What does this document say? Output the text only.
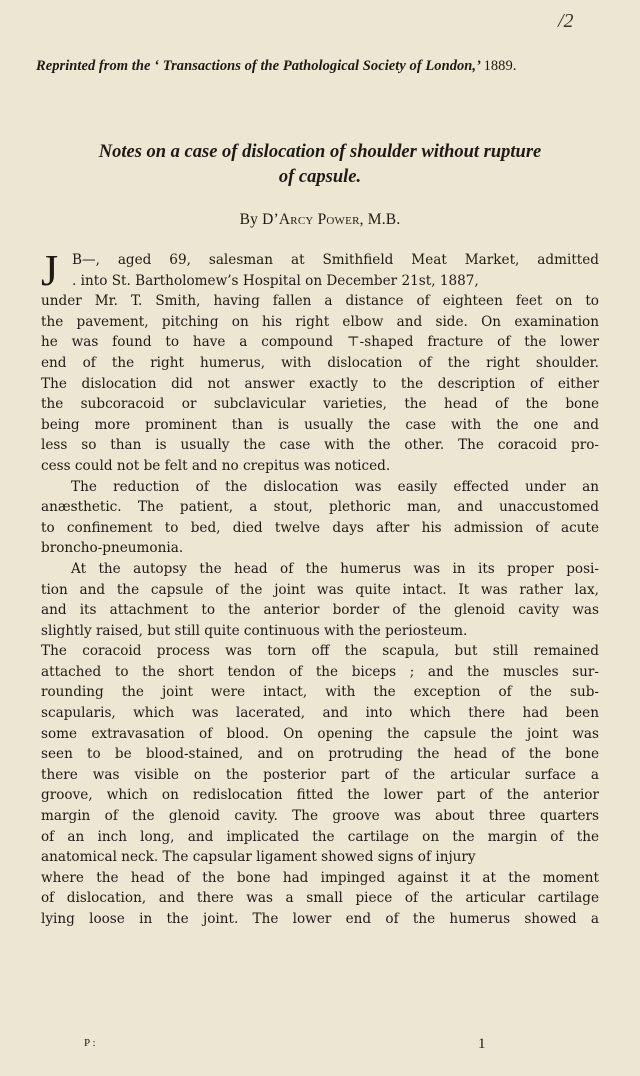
/2
Reprinted from the ‘ Transactions of the Pathological Society of London,’ 1889.
Notes on a case of dislocation of shoulder without rupture
of capsule.
By D’Arcy Power, M.B.
J B—, aged 69, salesman at Smithfield Meat Market, admitted
. into St. Bartholomew’s Hospital on December 21st, 1887,
under Mr. T. Smith, having fallen a distance of eighteen feet on to
the pavement, pitching on his right elbow and side. On examination
he was found to have a compound ⊤-shaped fracture of the lower
end of the right humerus, with dislocation of the right shoulder.
The dislocation did not answer exactly to the description of either
the subcoracoid or subclavicular varieties, the head of the bone
being more prominent than is usually the case with the one and
less so than is usually the case with the other. The coracoid pro-
cess could not be felt and no crepitus was noticed.
The reduction of the dislocation was easily effected under an
anæsthetic. The patient, a stout, plethoric man, and unaccustomed
to confinement to bed, died twelve days after his admission of acute
broncho-pneumonia.
At the autopsy the head of the humerus was in its proper posi-
tion and the capsule of the joint was quite intact. It was rather lax,
and its attachment to the anterior border of the glenoid cavity was
slightly raised, but still quite continuous with the periosteum.
The coracoid process was torn off the scapula, but still remained
attached to the short tendon of the biceps ; and the muscles sur-
rounding the joint were intact, with the exception of the sub-
scapularis, which was lacerated, and into which there had been
some extravasation of blood. On opening the capsule the joint was
seen to be blood-stained, and on protruding the head of the bone
there was visible on the posterior part of the articular surface a
groove, which on redislocation fitted the lower part of the anterior
margin of the glenoid cavity. The groove was about three quarters
of an inch long, and implicated the cartilage on the margin of the
anatomical neck. The capsular ligament showed signs of injury
where the head of the bone had impinged against it at the moment
of dislocation, and there was a small piece of the articular cartilage
lying loose in the joint. The lower end of the humerus showed a
P :	1
